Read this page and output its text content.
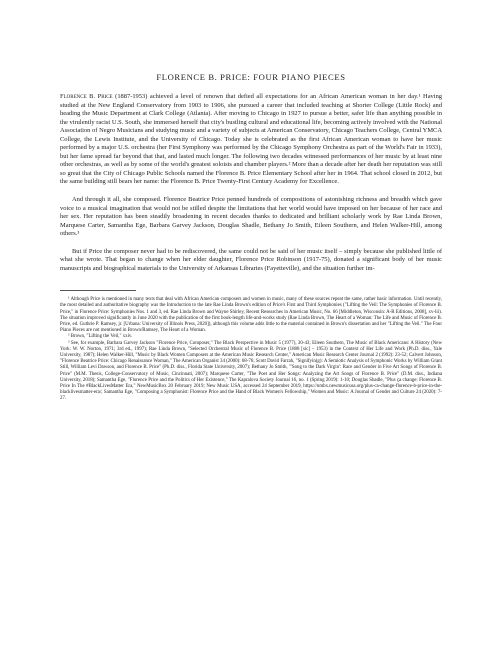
FLORENCE B. PRICE: FOUR PIANO PIECES

Florence B. Price (1887-1953) achieved a level of renown that defied all expectations for an African American woman in her day.¹ Having studied at the New England Conservatory from 1903 to 1906, she pursued a career that included teaching at Shorter College (Little Rock) and heading the Music Department at Clark College (Atlanta). After moving to Chicago in 1927 to pursue a better, safer life than anything possible in the virulently racist U.S. South, she immersed herself that city's bustling cultural and educational life, becoming actively involved with the National Association of Negro Musicians and studying music and a variety of subjects at American Conservatory, Chicago Teachers College, Central YMCA College, the Lewis Institute, and the University of Chicago. Today she is celebrated as the first African American woman to have her music performed by a major U.S. orchestra (her First Symphony was performed by the Chicago Symphony Orchestra as part of the World's Fair in 1933), but her fame spread far beyond that that, and lasted much longer. The following two decades witnessed performances of her music by at least nine other orchestras, as well as by some of the world's greatest soloists and chamber players.² More than a decade after her death her reputation was still so great that the City of Chicago Public Schools named the Florence B. Price Elementary School after her in 1964. That school closed in 2012, but the same building still bears her name: the Florence B. Price Twenty-First Century Academy for Excellence.

And through it all, she composed. Florence Beatrice Price penned hundreds of compositions of astonishing richness and breadth which gave voice to a musical imagination that would not be stilled despite the limitations that her world would have imposed on her because of her race and her sex. Her reputation has been steadily broadening in recent decades thanks to dedicated and brilliant scholarly work by Rae Linda Brown, Marquese Carter, Samantha Ege, Barbara Garvey Jackson, Douglas Shadle, Bethany Jo Smith, Eileen Southern, and Helen Walker-Hill, among others.³

But if Price the composer never had to be rediscovered, the same could not be said of her music itself – simply because she published little of what she wrote. That began to change when her elder daughter, Florence Price Robinson (1917-75), donated a significant body of her music manuscripts and biographical materials to the University of Arkansas Libraries (Fayetteville), and the situation further im-

¹ Although Price is mentioned in many texts that deal with African American composers and women in music, many of these sources repeat the same, rather basic information. Until recently, the most detailed and authoritative biography was the Introduction to the late Rae Linda Brown's edition of Price's First and Third Symphonies ("Lifting the Veil: The Symphonies of Florence B. Price," in Florence Price: Symphonies Nos. 1 and 3, ed. Rae Linda Brown and Wayne Shirley, Recent Researches in American Music, No. 66 [Middleton, Wisconsin: A-R Editions, 2008], xv-lii). The situation improved significantly in June 2020 with the publication of the first book-length life-and-works study (Rae Linda Brown, The Heart of a Woman: The Life and Music of Florence B. Price, ed. Guthrie P. Ramsey, jr. [Urbana: University of Illinois Press, 2020]), although this volume adds little to the material contained in Brown's dissertation and her "Lifting the Veil." The Four Piano Pieces are not mentioned in Brown/Ramsey, The Heart of a Woman.

² Brown, "Lifting the Veil," xxiv.

³ See, for example, Barbara Garvey Jackson "Florence Price, Composer," The Black Perspective in Music 5 (1977), 30-43; Eileen Southern, The Music of Black Americans: A History (New York: W. W. Norton, 1971; 3rd ed., 1997); Rae Linda Brown, "Selected Orchestral Music of Florence B. Price (1888 [sic] – 1953) in the Context of Her Life and Work (Ph.D. diss., Yale University, 1987); Helen Walker-Hill, "Music by Black Women Composers at the American Music Research Center," American Music Research Center Journal 2 (1992): 23-52; Calvert Johnson, "Florence Beatrice Price: Chicago Renaissance Woman," The American Organist 34 (2000): 68-76; Scott David Farrah, "Signifyin(g): A Semiotic Analysis of Symphonic Works by William Grant Still, William Levi Dawson, and Florence B. Price" (Ph.D. diss., Florida State University, 2007); Bethany Jo Smith, "'Song to the Dark Virgin': Race and Gender in Five Art Songs of Florence B. Price" (M.M. Thesis, College-Conservatory of Music, Cincinnati, 2007); Marquese Carter, "The Poet and Her Songs: Analyzing the Art Songs of Florence B. Price" (D.M. diss., Indiana University, 2018); Samantha Ege, "Florence Price and the Politics of Her Existence," The Kapralova Society Journal 16, no. 1 (Spring 2019): 1-10; Douglas Shadle, "Plus ça change: Florence B. Price In The #BlackLivesMatter Era," NewMusicBox 20 February 2019; New Music USA, accessed 24 September 2019, https://nmbx.newmusicusa.org/plus-ca-change-florence-b-price-in-the-blacklivesmatter-era/; Samantha Ege, "Composing a Symphonist: Florence Price and the Hand of Black Women's Fellowship," Women and Music: A Journal of Gender and Culture 24 (2020): 7-27.
